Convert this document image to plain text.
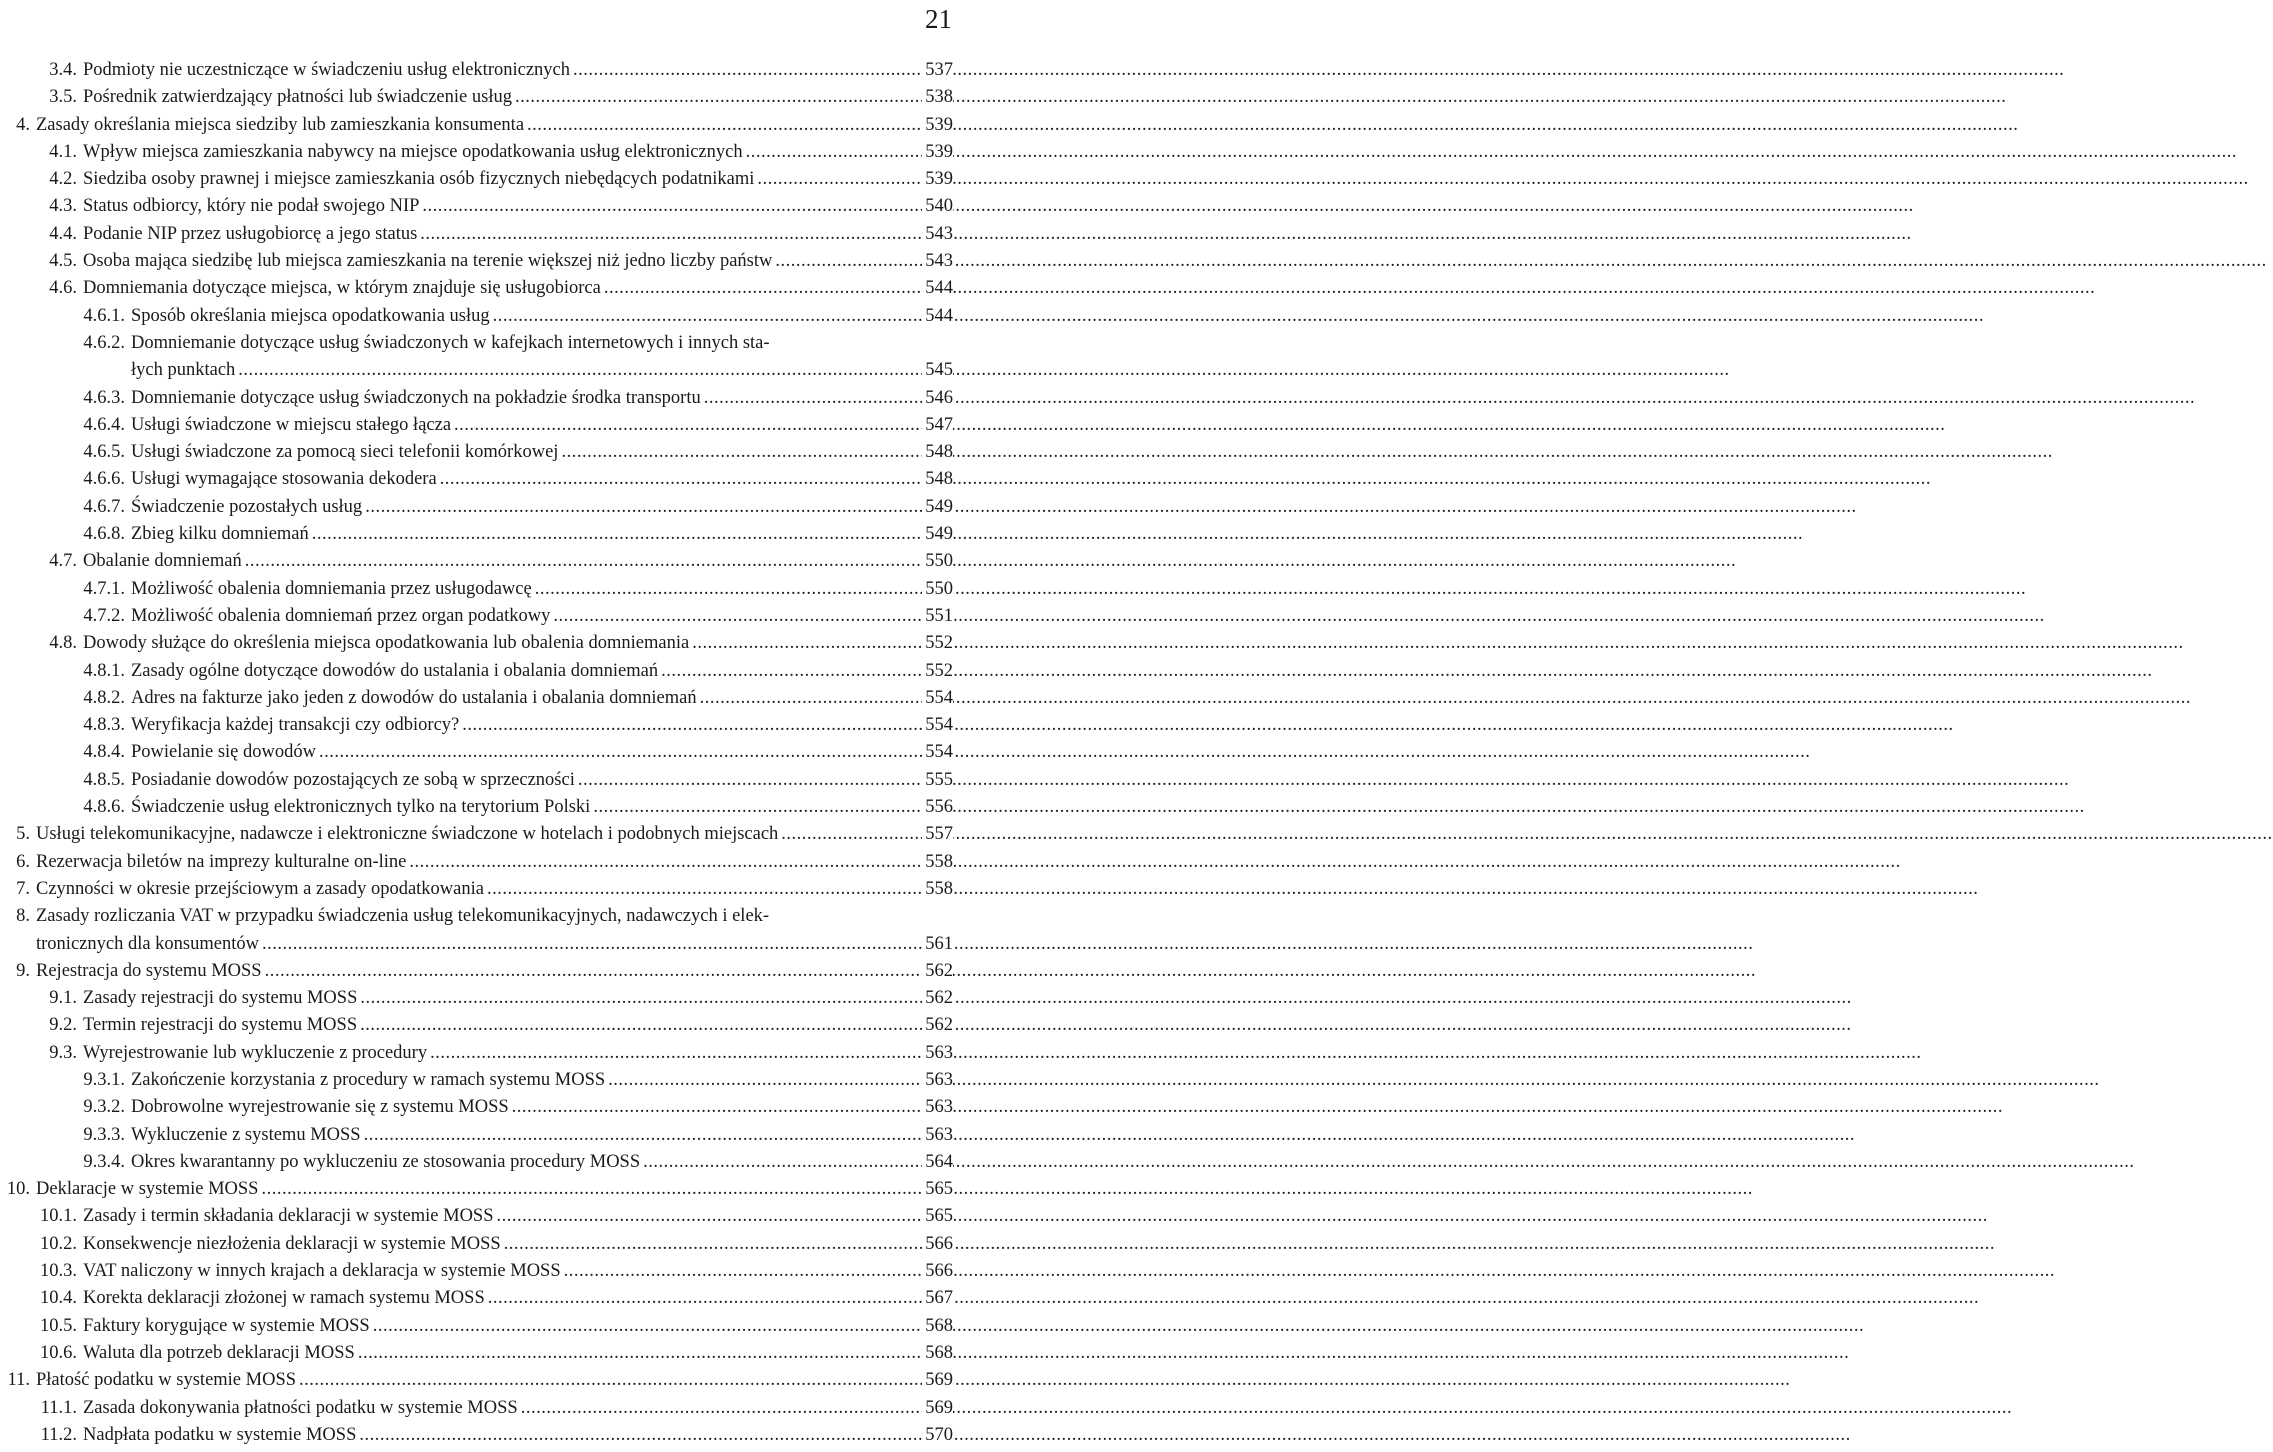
21
3.4. Podmioty nie uczestniczące w świadczeniu usług elektronicznych .....	537
3.5. Pośrednik zatwierdzający płatności lub świadczenie usług .....	538
4. Zasady określania miejsca siedziby lub zamieszkania konsumenta .....	539
4.1. Wpływ miejsca zamieszkania nabywcy na miejsce opodatkowania usług elektronicznych .....	539
4.2. Siedziba osoby prawnej i miejsce zamieszkania osób fizycznych niebędących podatnikami .....	539
4.3. Status odbiorcy, który nie podał swojego NIP .....	540
4.4. Podanie NIP przez usługobiorcę a jego status .....	543
4.5. Osoba mająca siedzibę lub miejsca zamieszkania na terenie większej niż jedno liczby państw .....	543
4.6. Domniemania dotyczące miejsca, w którym znajduje się usługobiorca .....	544
4.6.1. Sposób określania miejsca opodatkowania usług .....	544
4.6.2. Domniemanie dotyczące usług świadczonych w kafejkach internetowych i innych sta-
łych punktach .....	545
4.6.3. Domniemanie dotyczące usług świadczonych na pokładzie środka transportu .....	546
4.6.4. Usługi świadczone w miejscu stałego łącza .....	547
4.6.5. Usługi świadczone za pomocą sieci telefonii komórkowej .....	548
4.6.6. Usługi wymagające stosowania dekodera .....	548
4.6.7. Świadczenie pozostałych usług .....	549
4.6.8. Zbieg kilku domniemań .....	549
4.7. Obalanie domniemań .....	550
4.7.1. Możliwość obalenia domniemania przez usługodawcę .....	550
4.7.2. Możliwość obalenia domniemań przez organ podatkowy .....	551
4.8. Dowody służące do określenia miejsca opodatkowania lub obalenia domniemania .....	552
4.8.1. Zasady ogólne dotyczące dowodów do ustalania i obalania domniemań .....	552
4.8.2. Adres na fakturze jako jeden z dowodów do ustalania i obalania domniemań .....	554
4.8.3. Weryfikacja każdej transakcji czy odbiorcy? .....	554
4.8.4. Powielanie się dowodów .....	554
4.8.5. Posiadanie dowodów pozostających ze sobą w sprzeczności .....	555
4.8.6. Świadczenie usług elektronicznych tylko na terytorium Polski .....	556
5. Usługi telekomunikacyjne, nadawcze i elektroniczne świadczone w hotelach i podobnych miejscach .....	557
6. Rezerwacja biletów na imprezy kulturalne on-line .....	558
7. Czynności w okresie przejściowym a zasady opodatkowania .....	558
8. Zasady rozliczania VAT w przypadku świadczenia usług telekomunikacyjnych, nadawczych i elek-
tronicznych dla konsumentów .....	561
9. Rejestracja do systemu MOSS .....	562
9.1. Zasady rejestracji do systemu MOSS .....	562
9.2. Termin rejestracji do systemu MOSS .....	562
9.3. Wyrejestrowanie lub wykluczenie z procedury .....	563
9.3.1. Zakończenie korzystania z procedury w ramach systemu MOSS .....	563
9.3.2. Dobrowolne wyrejestrowanie się z systemu MOSS .....	563
9.3.3. Wykluczenie z systemu MOSS .....	563
9.3.4. Okres kwarantanny po wykluczeniu ze stosowania procedury MOSS .....	564
10. Deklaracje w systemie MOSS .....	565
10.1. Zasady i termin składania deklaracji w systemie MOSS .....	565
10.2. Konsekwencje niezłożenia deklaracji w systemie MOSS .....	566
10.3. VAT naliczony w innych krajach a deklaracja w systemie MOSS .....	566
10.4. Korekta deklaracji złożonej w ramach systemu MOSS .....	567
10.5. Faktury korygujące w systemie MOSS .....	568
10.6. Waluta dla potrzeb deklaracji MOSS .....	568
11. Płatość podatku w systemie MOSS .....	569
11.1. Zasada dokonywania płatności podatku w systemie MOSS .....	569
11.2. Nadpłata podatku w systemie MOSS .....	570
